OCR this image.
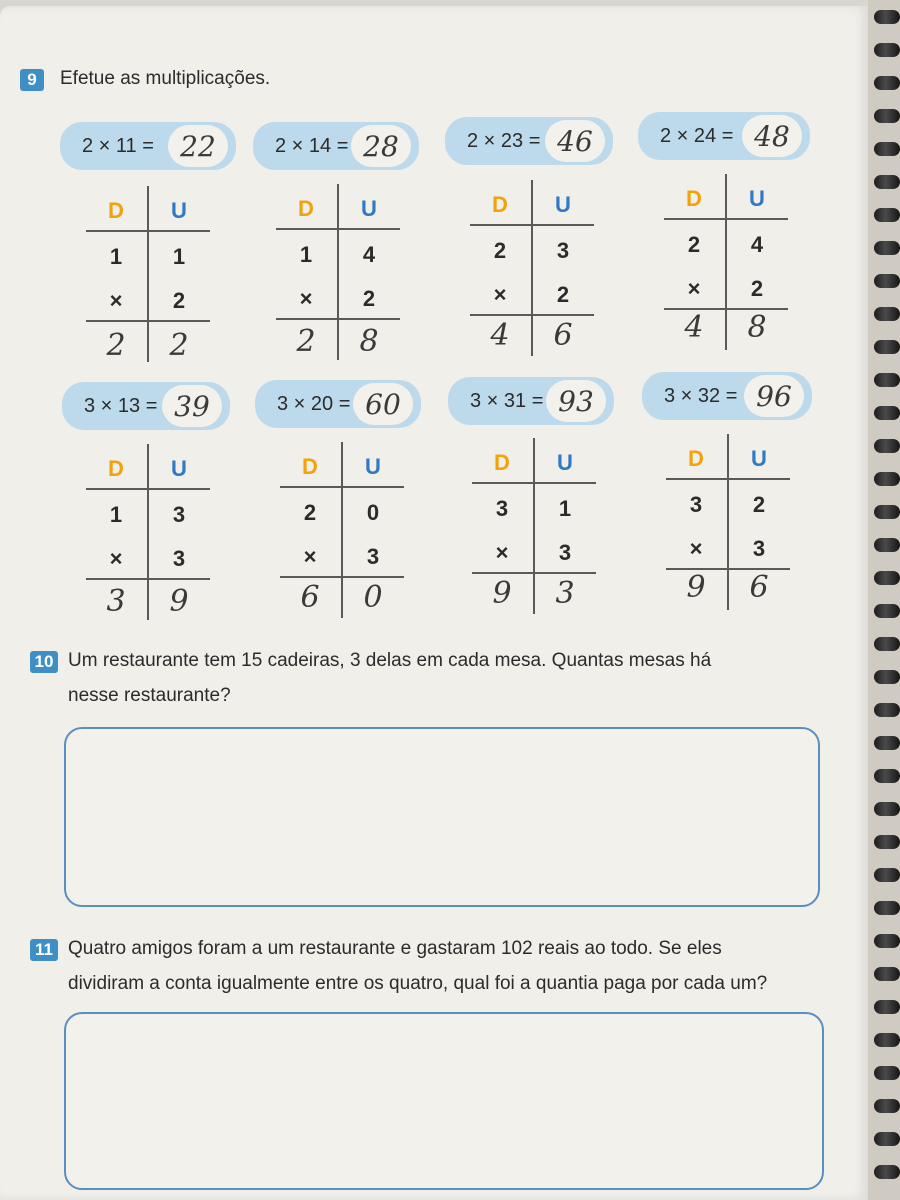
9	Efetue as multiplicações.
2 × 11 = 22	2 × 14 = 28	2 × 23 = 46	2 × 24 = 48
D	U
1	1
×	2
2	2
D	U
1	4
×	2
2	8
D	U
2	3
×	2
4	6
D	U
2	4
×	2
4	8
3 × 13 = 39	3 × 20 = 60	3 × 31 = 93	3 × 32 = 96
D	U
1	3
×	3
3	9
D	U
2	0
×	3
6	0
D	U
3	1
×	3
9	3
D	U
3	2
×	3
9	6
10 Um restaurante tem 15 cadeiras, 3 delas em cada mesa. Quantas mesas há
nesse restaurante?
11 Quatro amigos foram a um restaurante e gastaram 102 reais ao todo. Se eles
dividiram a conta igualmente entre os quatro, qual foi a quantia paga por cada um?
